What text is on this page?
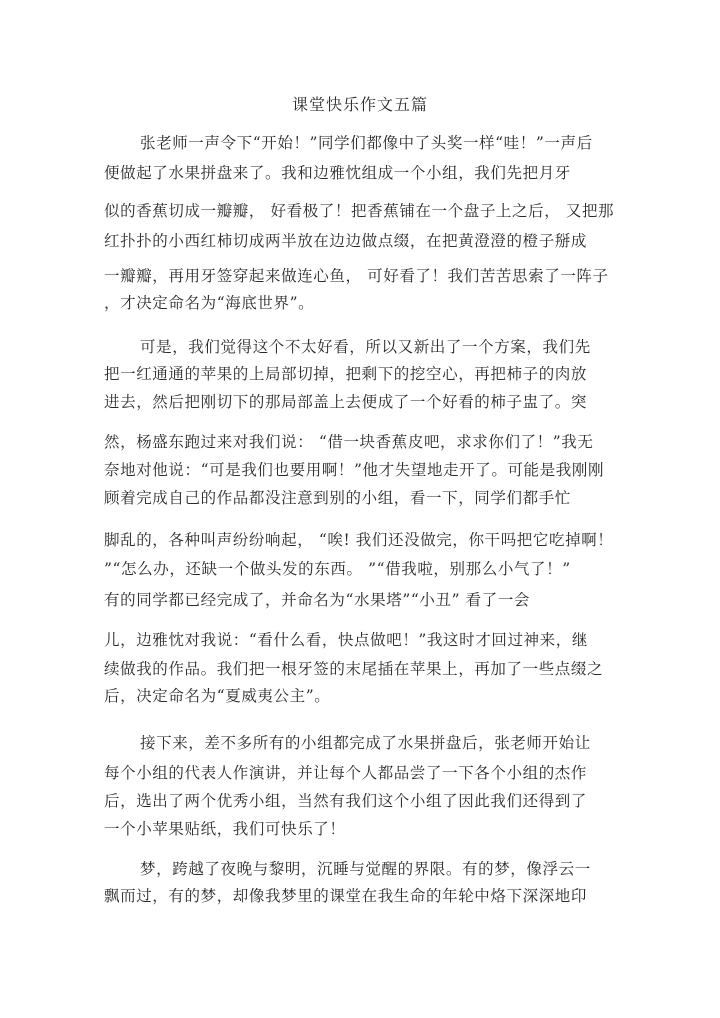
课堂快乐作文五篇
张老师一声令下“开始！”同学们都像中了头奖一样“哇！”一声后
便做起了水果拼盘来了。我和边雅忱组成一个小组，我们先把月牙
似的香蕉切成一瓣瓣， 好看极了！把香蕉铺在一个盘子上之后， 又把那
红扑扑的小西红柿切成两半放在边边做点缀，在把黄澄澄的橙子掰成
一瓣瓣，再用牙签穿起来做连心鱼， 可好看了！我们苦苦思索了一阵子
，才决定命名为“海底世界”。
可是，我们觉得这个不太好看，所以又新出了一个方案，我们先
把一红通通的苹果的上局部切掉，把剩下的挖空心，再把柿子的肉放
进去，然后把刚切下的那局部盖上去便成了一个好看的柿子盅了。突
然，杨盛东跑过来对我们说： “借一块香蕉皮吧，求求你们了！”我无
奈地对他说：“可是我们也要用啊！”他才失望地走开了。可能是我刚刚
顾着完成自己的作品都没注意到别的小组，看一下，同学们都手忙
脚乱的，各种叫声纷纷响起， “唉! 我们还没做完，你干吗把它吃掉啊！
”“怎么办，还缺一个做头发的东西。 ”“借我啦，别那么小气了！”
有的同学都已经完成了，并命名为“水果塔”“小丑” 看了一会
儿，边雅忱对我说：“看什么看，快点做吧！”我这时才回过神来，继
续做我的作品。我们把一根牙签的末尾插在苹果上，再加了一些点缀之
后，决定命名为“夏威夷公主”。
接下来，差不多所有的小组都完成了水果拼盘后，张老师开始让
每个小组的代表人作演讲，并让每个人都品尝了一下各个小组的杰作
后，选出了两个优秀小组，当然有我们这个小组了因此我们还得到了
一个小苹果贴纸，我们可快乐了！
梦，跨越了夜晚与黎明，沉睡与觉醒的界限。有的梦，像浮云一
飘而过，有的梦，却像我梦里的课堂在我生命的年轮中烙下深深地印
